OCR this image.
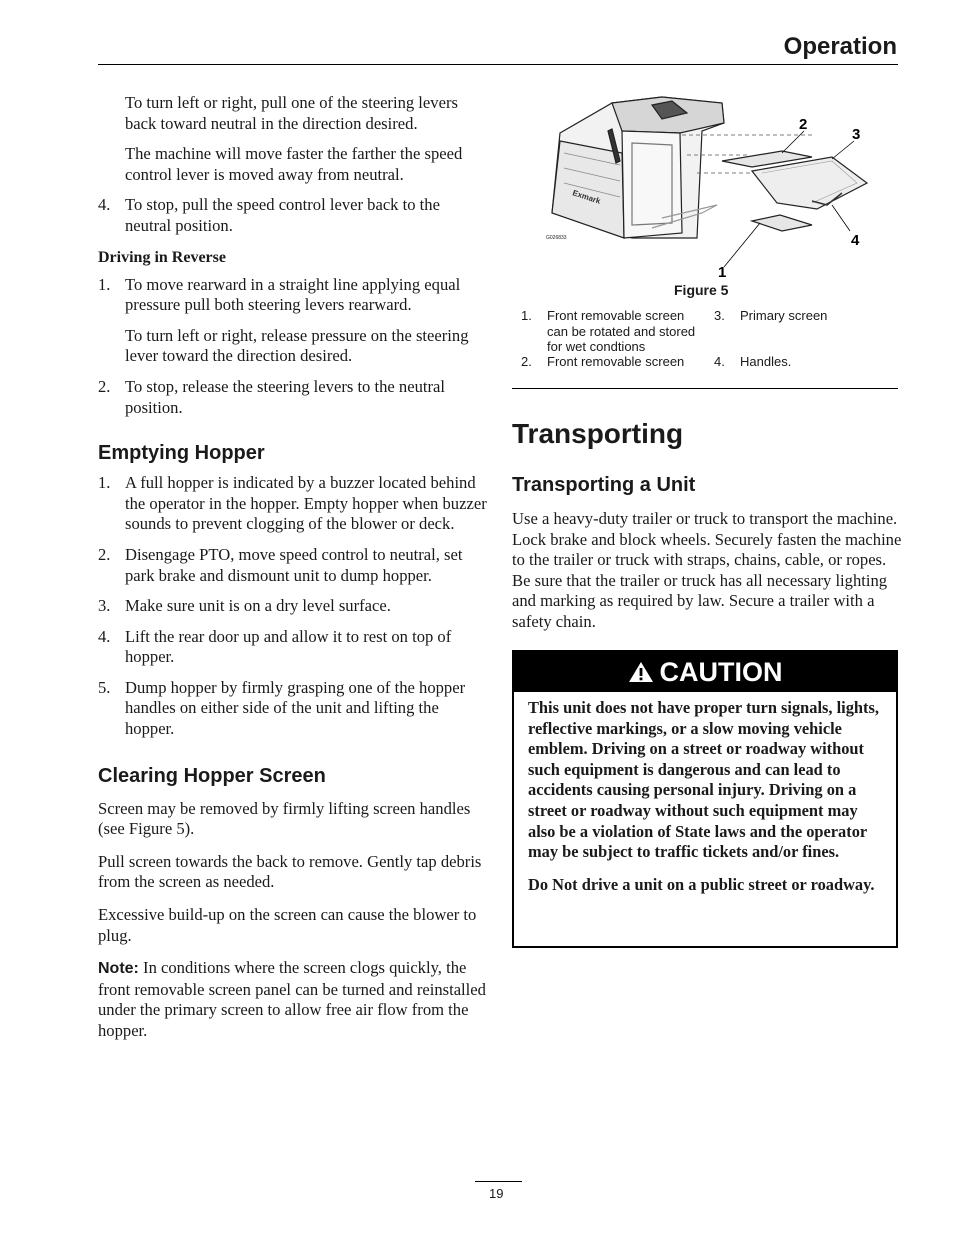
Operation

To turn left or right, pull one of the steering levers back toward neutral in the direction desired.

The machine will move faster the farther the speed control lever is moved away from neutral.

4. To stop, pull the speed control lever back to the neutral position.
Driving in Reverse
1. To move rearward in a straight line applying equal pressure pull both steering levers rearward.

To turn left or right, release pressure on the steering lever toward the direction desired.

2. To stop, release the steering levers to the neutral position.
Emptying Hopper
1. A full hopper is indicated by a buzzer located behind the operator in the hopper. Empty hopper when buzzer sounds to prevent clogging of the blower or deck.
2. Disengage PTO, move speed control to neutral, set park brake and dismount unit to dump hopper.
3. Make sure unit is on a dry level surface.
4. Lift the rear door up and allow it to rest on top of hopper.
5. Dump hopper by firmly grasping one of the hopper handles on either side of the unit and lifting the hopper.
Clearing Hopper Screen

Screen may be removed by firmly lifting screen handles (see Figure 5).

Pull screen towards the back to remove. Gently tap debris from the screen as needed.

Excessive build-up on the screen can cause the blower to plug.

Note: In conditions where the screen clogs quickly, the front removable screen panel can be turned and reinstalled under the primary screen to allow free air flow from the hopper.

Exmark
G026833
1
2
3
4
Figure 5
1. Front removable screen can be rotated and stored for wet condtions
2. Front removable screen
3. Primary screen
4. Handles.
Transporting
Transporting a Unit

Use a heavy-duty trailer or truck to transport the machine. Lock brake and block wheels. Securely fasten the machine to the trailer or truck with straps, chains, cable, or ropes. Be sure that the trailer or truck has all necessary lighting and marking as required by law. Secure a trailer with a safety chain.

CAUTION

This unit does not have proper turn signals, lights, reflective markings, or a slow moving vehicle emblem. Driving on a street or roadway without such equipment is dangerous and can lead to accidents causing personal injury. Driving on a street or roadway without such equipment may also be a violation of State laws and the operator may be subject to traffic tickets and/or fines.

Do Not drive a unit on a public street or roadway.

19
